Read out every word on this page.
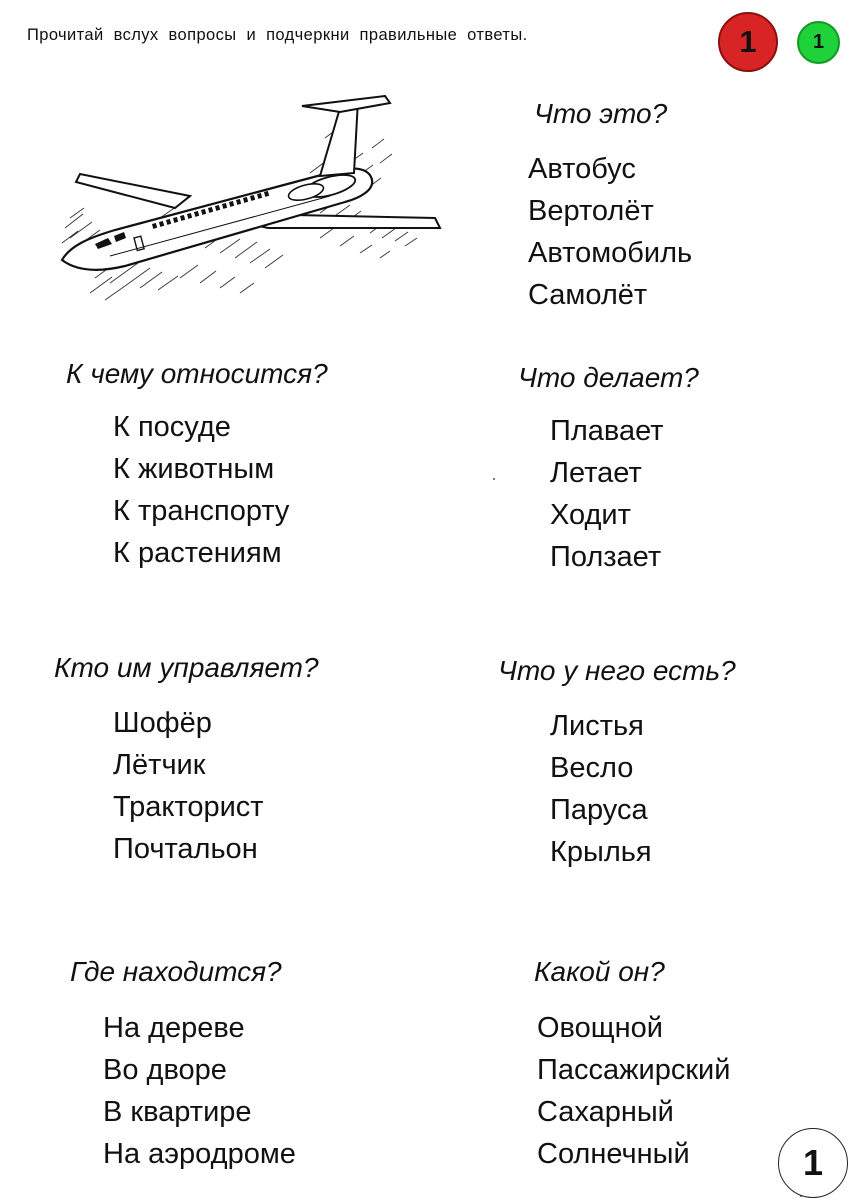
Прочитай вслух вопросы и подчеркни правильные ответы.	1	1
Что это?
Автобус
Вертолёт
Автомобиль
Самолёт
К чему относится?
К посуде
К животным
К транспорту
К растениям
Что делает?
Плавает
Летает
Ходит
Ползает
Кто им управляет?
Шофёр
Лётчик
Тракторист
Почтальон
Что у него есть?
Листья
Весло
Паруса
Крылья
Где находится?
На дереве
Во дворе
В квартире
На аэродроме
Какой он?
Овощной
Пассажирский
Сахарный
Солнечный	1
